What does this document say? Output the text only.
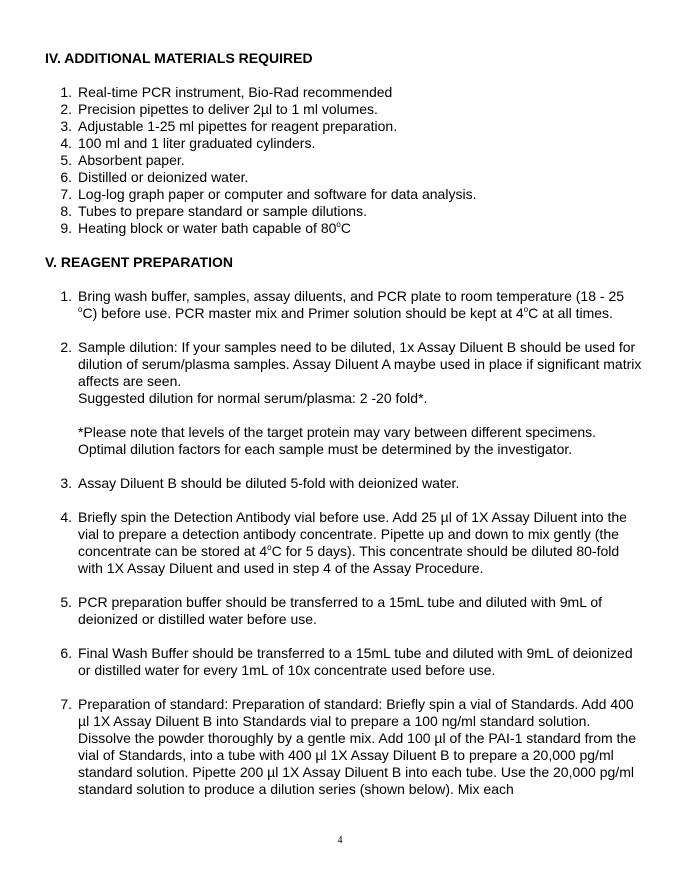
IV. ADDITIONAL MATERIALS REQUIRED
1. Real-time PCR instrument, Bio-Rad recommended
2. Precision pipettes to deliver 2µl to 1 ml volumes.
3. Adjustable 1-25 ml pipettes for reagent preparation.
4. 100 ml and 1 liter graduated cylinders.
5. Absorbent paper.
6. Distilled or deionized water.
7. Log-log graph paper or computer and software for data analysis.
8. Tubes to prepare standard or sample dilutions.
9. Heating block or water bath capable of 80$^o$C
V. REAGENT PREPARATION
1. Bring wash buffer, samples, assay diluents, and PCR plate to room temperature (18 - 25
$^o$C) before use. PCR master mix and Primer solution should be kept at 4$^o$C at all times.
2. Sample dilution: If your samples need to be diluted, 1x Assay Diluent B should be used for dilution of serum/plasma samples. Assay Diluent A maybe used in place if significant matrix affects are seen.
Suggested dilution for normal serum/plasma: 2 -20 fold*.

*Please note that levels of the target protein may vary between different specimens. Optimal dilution factors for each sample must be determined by the investigator.
3. Assay Diluent B should be diluted 5-fold with deionized water.
4. Briefly spin the Detection Antibody vial before use. Add 25 µl of 1X Assay Diluent into the vial to prepare a detection antibody concentrate. Pipette up and down to mix gently (the concentrate can be stored at 4$^o$C for 5 days). This concentrate should be diluted 80-fold with 1X Assay Diluent and used in step 4 of the Assay Procedure.
5. PCR preparation buffer should be transferred to a 15mL tube and diluted with 9mL of deionized or distilled water before use.
6. Final Wash Buffer should be transferred to a 15mL tube and diluted with 9mL of deionized or distilled water for every 1mL of 10x concentrate used before use.
7. Preparation of standard: Preparation of standard: Briefly spin a vial of Standards. Add 400 µl 1X Assay Diluent B into Standards vial to prepare a 100 ng/ml standard solution. Dissolve the powder thoroughly by a gentle mix. Add 100 µl of the PAI-1 standard from the vial of Standards, into a tube with 400 µl 1X Assay Diluent B to prepare a 20,000 pg/ml standard solution. Pipette 200 µl 1X Assay Diluent B into each tube. Use the 20,000 pg/ml standard solution to produce a dilution series (shown below). Mix each
4
